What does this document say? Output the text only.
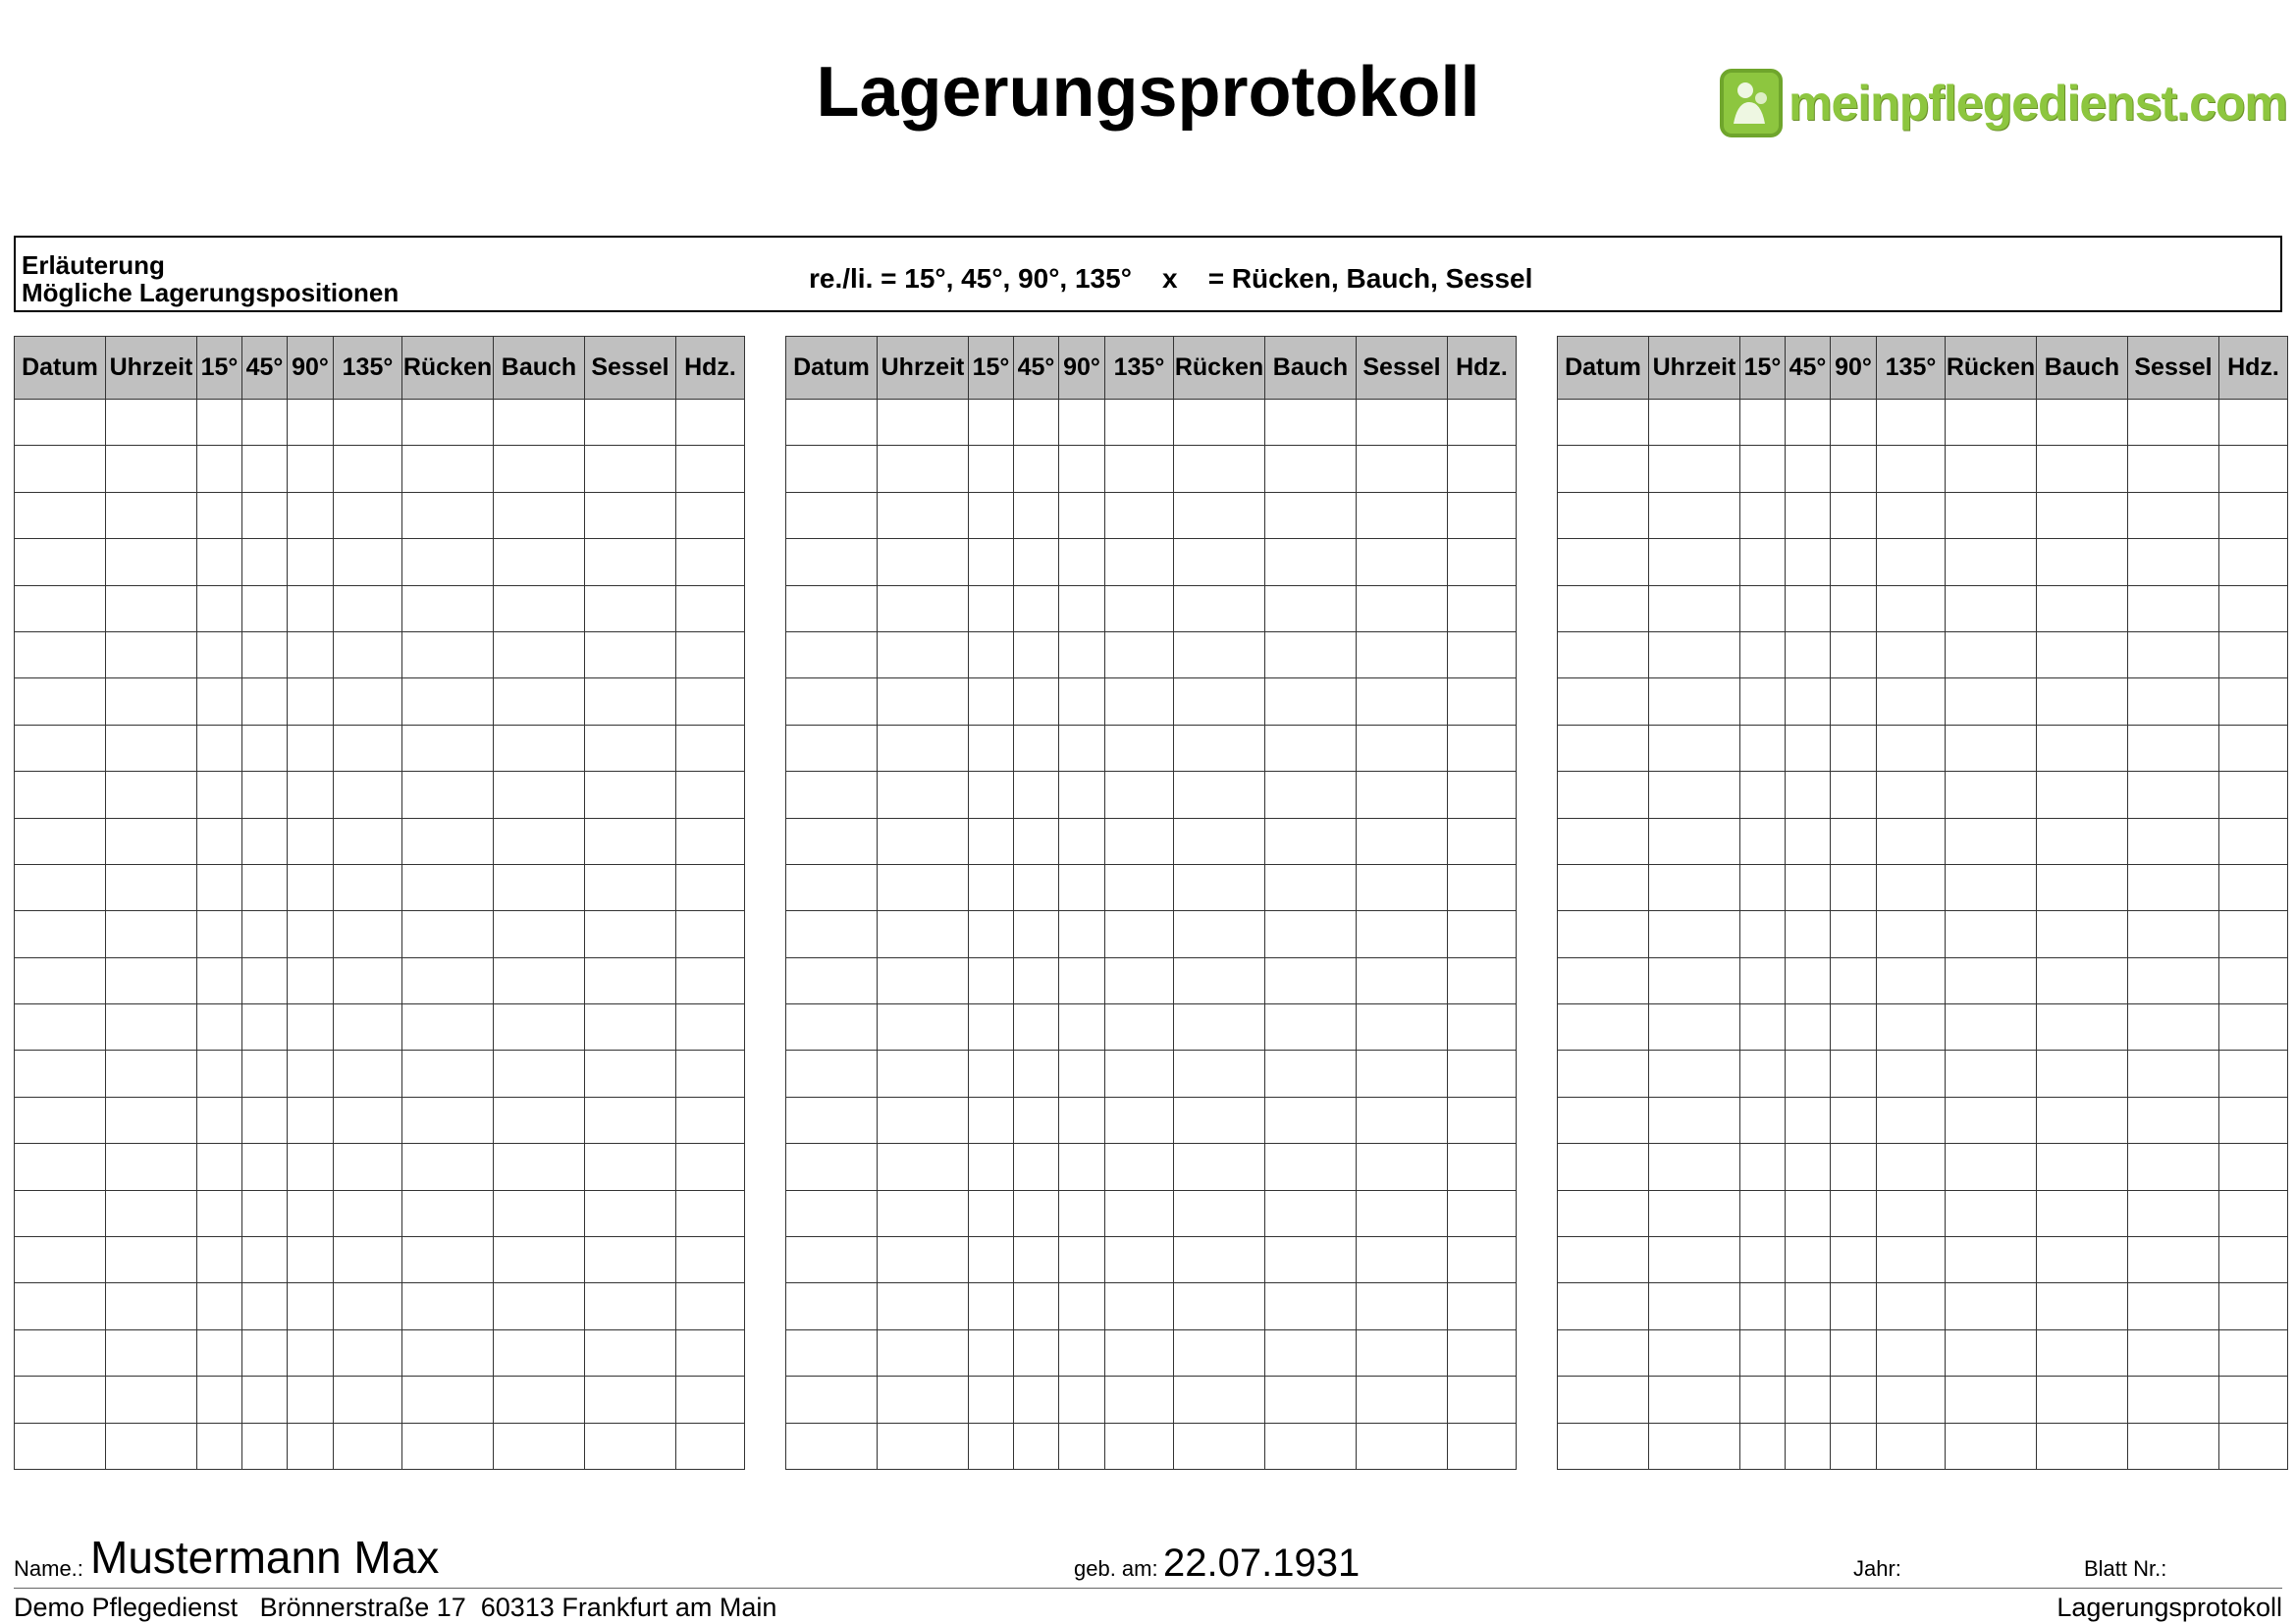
Lagerungsprotokoll	meinpflegedienst.com
Erläuterung
Mögliche Lagerungspositionen	re./li. = 15°, 45°, 90°, 135°    x    = Rücken, Bauch, Sessel
Datum	Uhrzeit	15°	45°	90°	135°	Rücken	Bauch	Sessel	Hdz.

									Datum	Uhrzeit	15°	45°	90°	135°	Rücken	Bauch	Sessel	Hdz.

									Datum	Uhrzeit	15°	45°	90°	135°	Rücken	Bauch	Sessel	Hdz.

Name.: Mustermann Max	geb. am: 22.07.1931	Jahr:	Blatt Nr.:
Demo Pflegedienst   Brönnerstraße 17  60313 Frankfurt am Main	Lagerungsprotokoll
